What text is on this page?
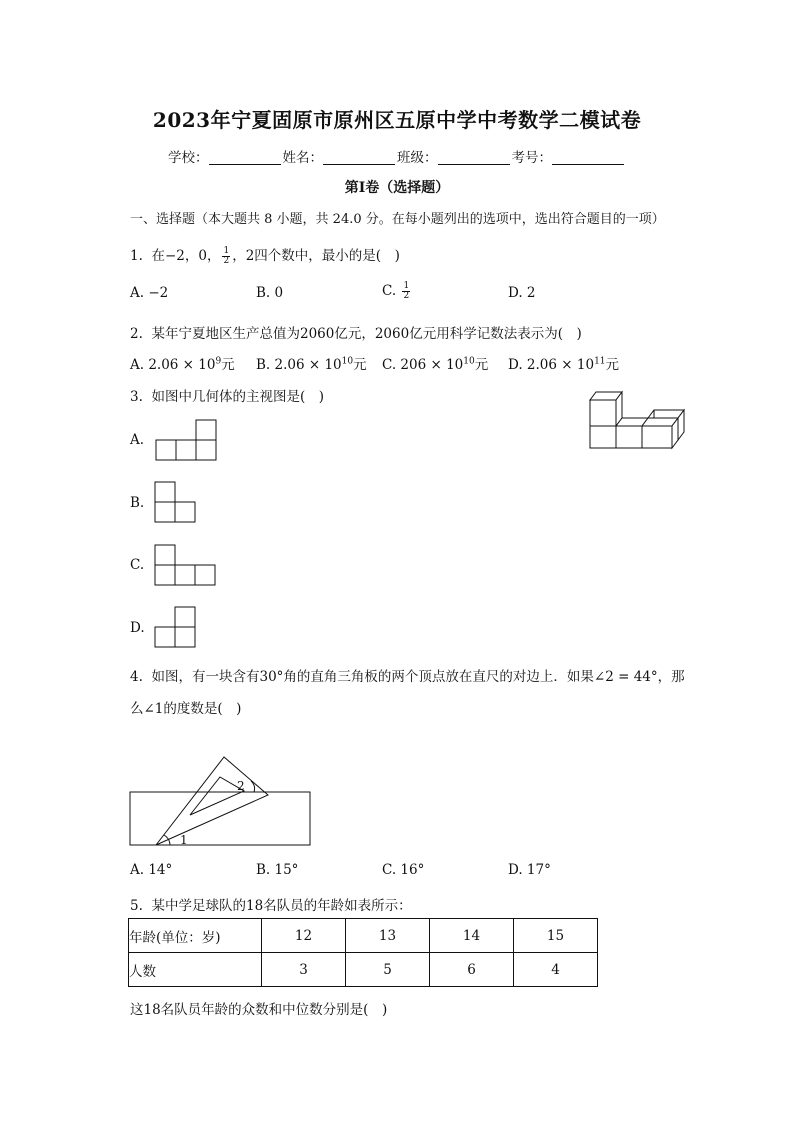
2023年宁夏固原市原州区五原中学中考数学二模试卷
学校：	姓名：	班级：	考号：
第Ⅰ卷（选择题）
一、选择题（本大题共 8 小题，共 24.0 分。在每小题列出的选项中，选出符合题目的一项）
1. 在−2，0， $\frac{1}{2}$ ，2四个数中，最小的是(　)
A. −2	B. 0	C. $\frac{1}{2}$	D. 2
2. 某年宁夏地区生产总值为2060亿元，2060亿元用科学记数法表示为(　)
A. $2.06 \times 10^9$元 B. $2.06 \times 10^{10}$元 C. $206 \times 10^{10}$元 D. $2.06 \times 10^{11}$元
3. 如图中几何体的主视图是(　)
A.
B.
C.
D.
4. 如图，有一块含有30°角的直角三角板的两个顶点放在直尺的对边上．如果∠2 = 44°，那
么∠1的度数是(　)
1
2
A. 14°	B. 15°	C. 16°	D. 17°
5. 某中学足球队的18名队员的年龄如表所示：
年龄(单位：岁)	12	13	14	15
人数	3	5	6	4
这18名队员年龄的众数和中位数分别是(　)
